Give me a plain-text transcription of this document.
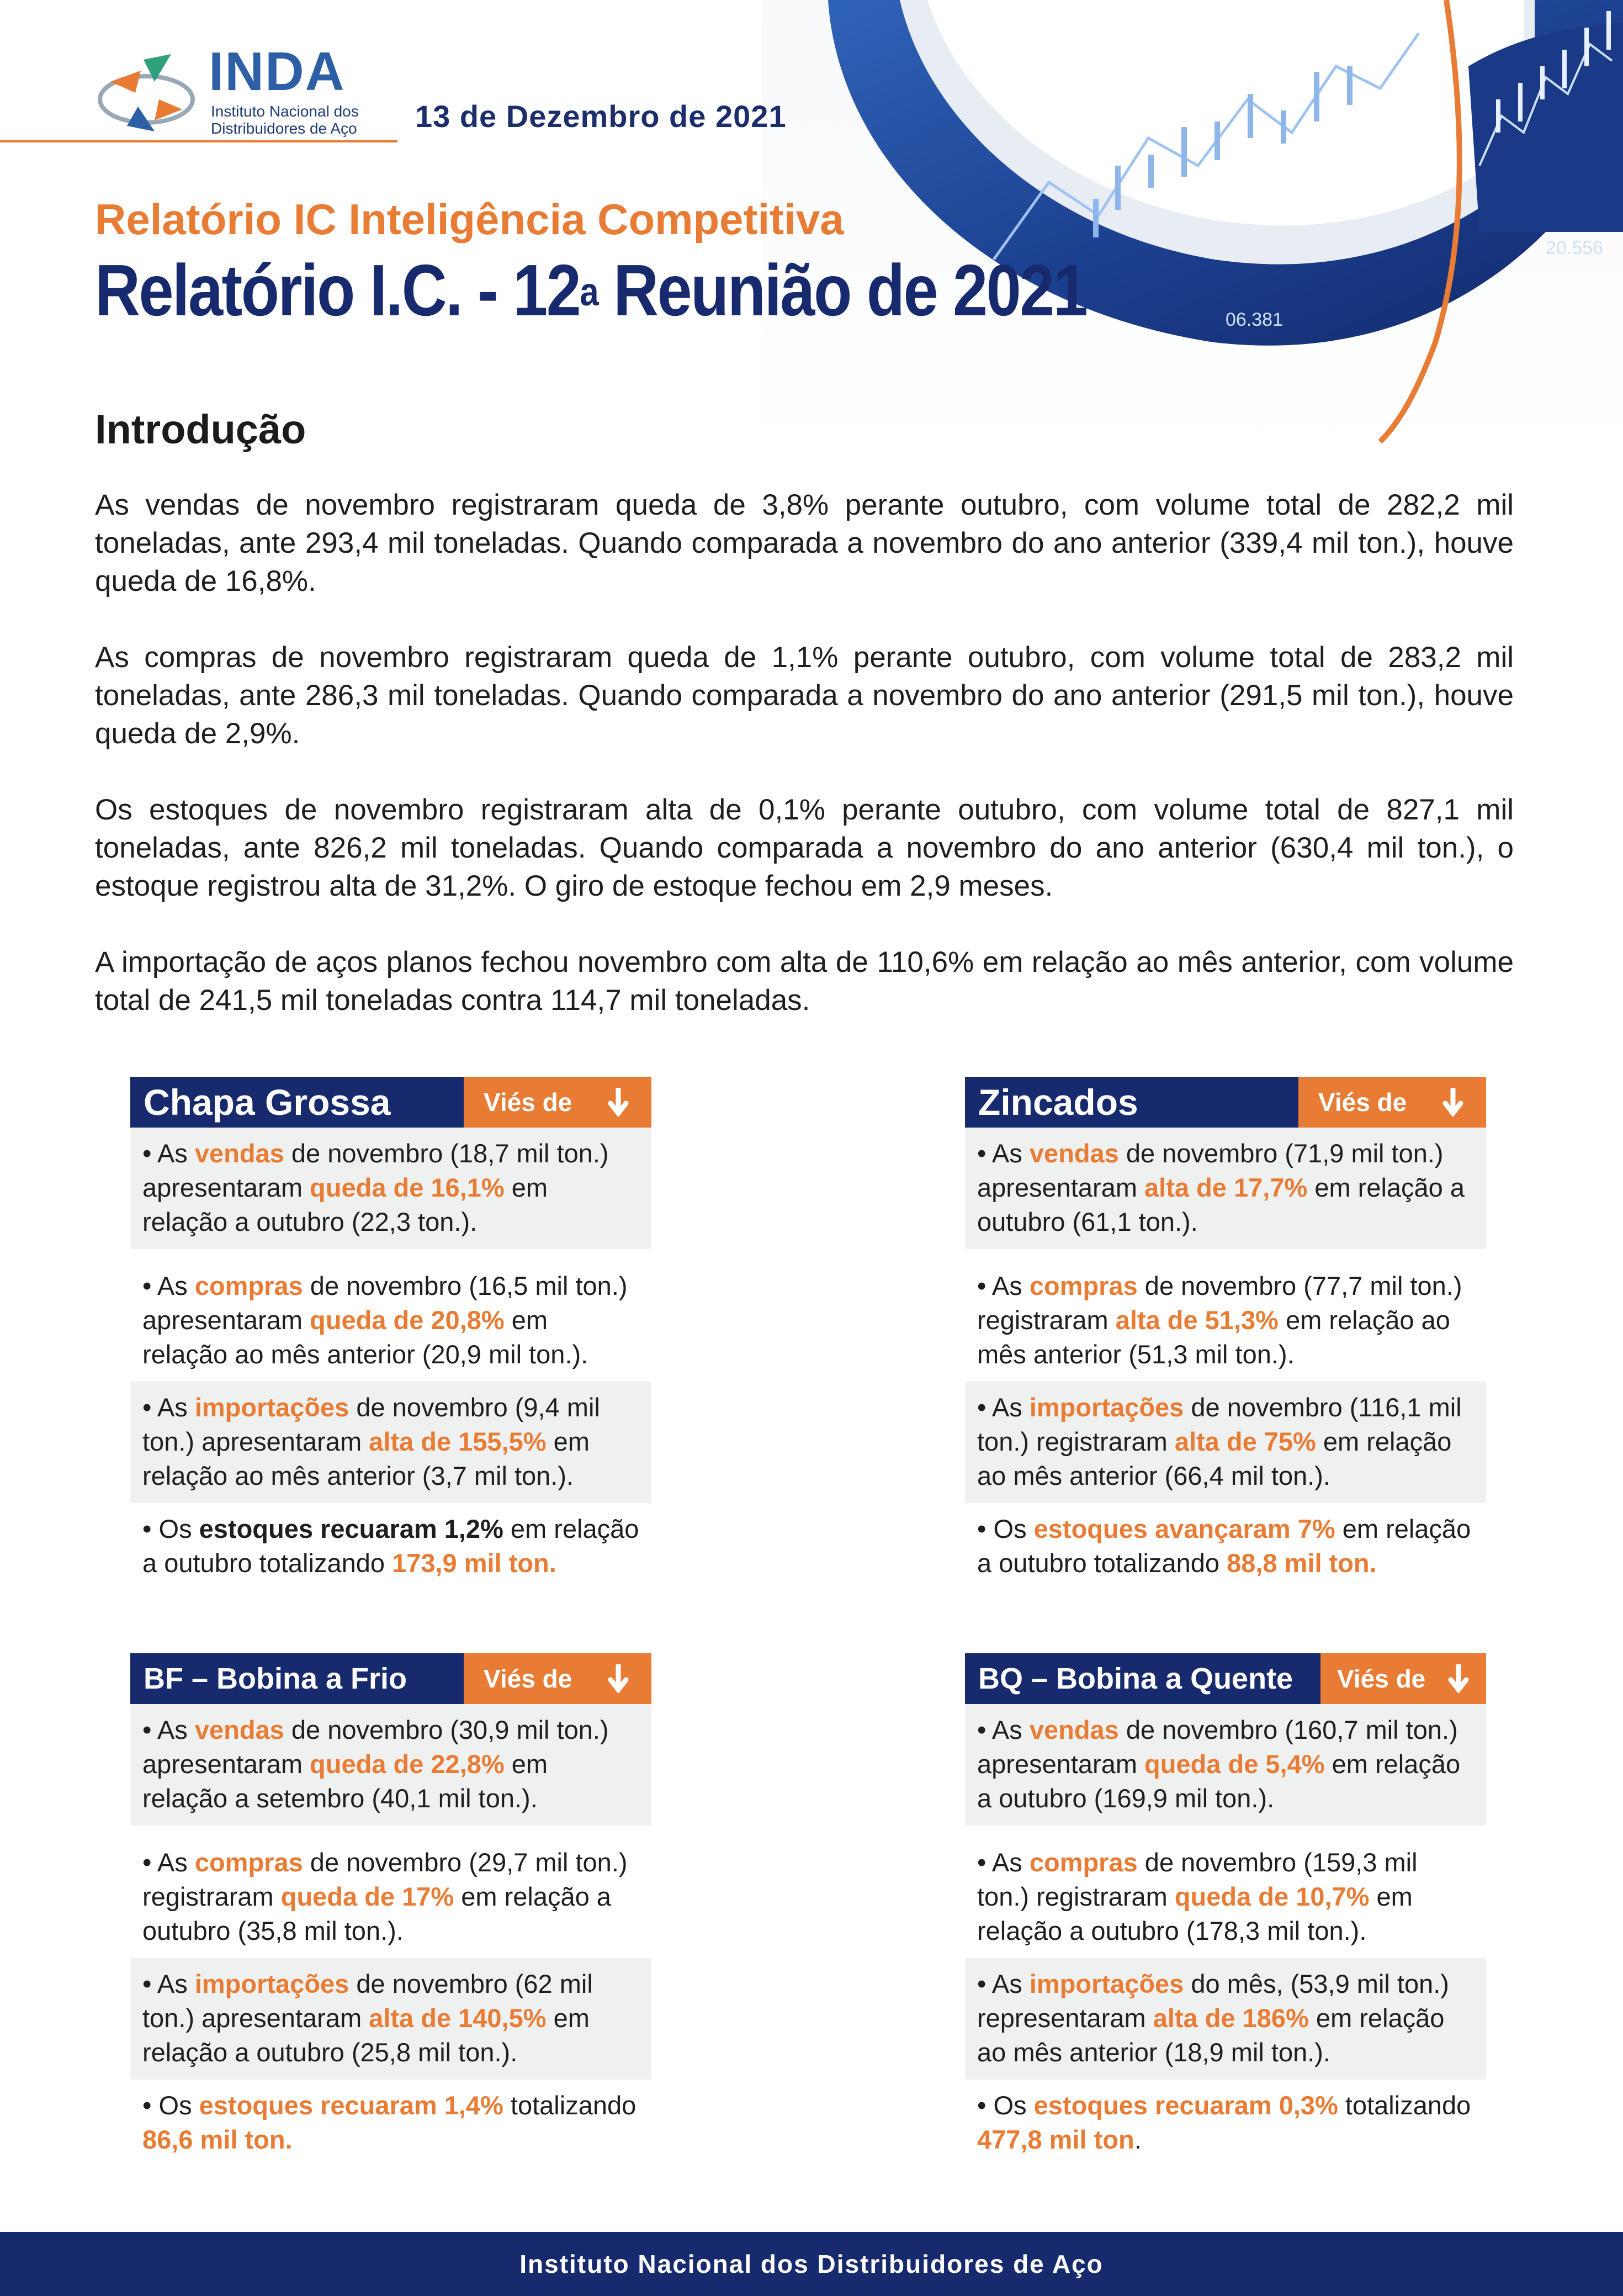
20.556
06.381
INDA
Instituto Nacional dos
Distribuidores de Aço	13 de Dezembro de 2021
Relatório IC Inteligência Competitiva
Relatório I.C. - 12$^a$ Reunião de 2021
Introdução

As vendas de novembro registraram queda de 3,8% perante outubro, com volume total de 282,2 mil toneladas, ante 293,4 mil toneladas. Quando comparada a novembro do ano anterior (339,4 mil ton.), houve queda de 16,8%.

As compras de novembro registraram queda de 1,1% perante outubro, com volume total de 283,2 mil toneladas, ante 286,3 mil toneladas. Quando comparada a novembro do ano anterior (291,5 mil ton.), houve queda de 2,9%.

Os estoques de novembro registraram alta de 0,1% perante outubro, com volume total de 827,1 mil toneladas, ante 826,2 mil toneladas. Quando comparada a novembro do ano anterior (630,4 mil ton.), o estoque registrou alta de 31,2%. O giro de estoque fechou em 2,9 meses.

A importação de aços planos fechou novembro com alta de 110,6% em relação ao mês anterior, com volume total de 241,5 mil toneladas contra 114,7 mil toneladas.

Chapa Grossa	Viés de
• As vendas de novembro (18,7 mil ton.) apresentaram queda de 16,1% em relação a outubro (22,3 ton.).
• As compras de novembro (16,5 mil ton.) apresentaram queda de 20,8% em relação ao mês anterior (20,9 mil ton.).
• As importações de novembro (9,4 mil ton.) apresentaram alta de 155,5% em relação ao mês anterior (3,7 mil ton.).
• Os estoques recuaram 1,2% em relação a outubro totalizando 173,9 mil ton.
Zincados	Viés de
• As vendas de novembro (71,9 mil ton.) apresentaram alta de 17,7% em relação a outubro (61,1 ton.).
• As compras de novembro (77,7 mil ton.) registraram alta de 51,3% em relação ao mês anterior (51,3 mil ton.).
• As importações de novembro (116,1 mil ton.) registraram alta de 75% em relação ao mês anterior (66,4 mil ton.).
• Os estoques avançaram 7% em relação a outubro totalizando 88,8 mil ton.
BF – Bobina a Frio	Viés de
• As vendas de novembro (30,9 mil ton.) apresentaram queda de 22,8% em relação a setembro (40,1 mil ton.).
• As compras de novembro (29,7 mil ton.) registraram queda de 17% em relação a outubro (35,8 mil ton.).
• As importações de novembro (62 mil ton.) apresentaram alta de 140,5% em relação a outubro (25,8 mil ton.).
• Os estoques recuaram 1,4% totalizando 86,6 mil ton.
BQ – Bobina a Quente	Viés de
• As vendas de novembro (160,7 mil ton.) apresentaram queda de 5,4% em relação a outubro (169,9 mil ton.).
• As compras de novembro (159,3 mil ton.) registraram queda de 10,7% em relação a outubro (178,3 mil ton.).
• As importações do mês, (53,9 mil ton.) representaram alta de 186% em relação ao mês anterior (18,9 mil ton.).
• Os estoques recuaram 0,3% totalizando 477,8 mil ton.
Instituto Nacional dos Distribuidores de Aço
